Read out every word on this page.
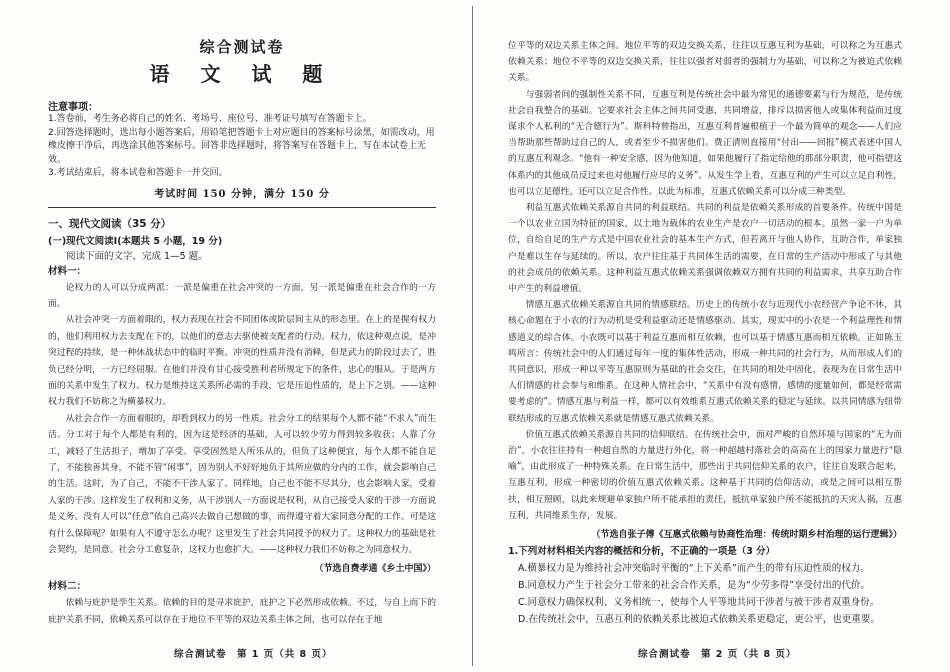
综合测试卷
语 文 试 题
注意事项：
1.答卷前，考生务必将自己的姓名、考场号、座位号、准考证号填写在答题卡上。
2.回答选择题时，选出每小题答案后，用铅笔把答题卡上对应题目的答案标号涂黑，如需改动，用橡皮擦干净后，再选涂其他答案标号。回答非选择题时，将答案写在答题卡上，写在本试卷上无效。
3.考试结束后，将本试卷和答题卡一并交回。
考试时间 150 分钟，满分 150 分
一、现代文阅读（35 分）
(一)现代文阅读Ⅰ(本题共 5 小题，19 分)
阅读下面的文字，完成 1—5 题。
材料一：

论权力的人可以分成两派：一派是偏重在社会冲突的一方面，另一派是偏重在社会合作的一方面。

从社会冲突一方面着眼的，权力表现在社会不同团体或阶层间主从的形态里。在上的是握有权力的，他们利用权力去支配在下的，以他们的意志去驱使被支配者的行动。权力，依这种观点说，是冲突过程的持续，是一种休战状态中的临时平衡。冲突的性质并没有消释，但是武力的阶段过去了，胜负已经分明，一方已经屈服。在他们并没有甘心接受胜利者所规定下的条件，忠心的服从。于是两方面的关系中发生了权力。权力是维持这关系所必需的手段，它是压迫性质的，是上下之别。——这种权力我们不妨称之为横暴权力。

从社会合作一方面着眼的，却看到权力的另一性质。社会分工的结果每个人都不能“不求人”而生活。分工对于每个人都是有利的，因为这是经济的基础，人可以较少劳力得到较多收获；人靠了分工，减轻了生活担子，增加了享受。享受固然是人所乐从的，但负了这种便宜，每个人都不能自足了，不能独善其身，不能不管“闲事”，因为别人不好好地负于其所应做的分内的工作，就会影响自己的生活。这时，为了自己，不能不干涉人家了。同样地，自己也不能不尽其分，也会影响人家，受着人家的干涉。这样发生了权利和义务，从干涉别人一方面说是权利，从自己接受人家的干涉一方面说是义务。没有人可以“任意”依自己高兴去做自己想做的事，而得遵守着大家同意分配的工作。可是这有什么保障呢？如果有人不遵守怎么办呢？这里发生了社会共同授予的权力了。这种权力的基础是社会契约，是同意。社会分工愈复杂，这权力也愈扩大。——这种权力我们不妨称之为同意权力。

（节选自费孝通《乡土中国》）
材料二：

依赖与庇护是孪生关系。依赖的目的是寻求庇护，庇护之下必然形成依赖。不过，与自上而下的庇护关系不同，依赖关系可以存在于地位不平等的双边关系主体之间，也可以存在于地

位平等的双边关系主体之间。地位平等的双边交换关系，往往以互惠互利为基础，可以称之为互惠式依赖关系；地位不平等的双边交换关系，往往以强者对弱者的强制力为基础，可以称之为被迫式依赖关系。

与强弱者间的强制性关系不同，互惠互利是传统社会中最为常见的通德要素与行为规范，是传统社会自我整合的基础。它要求社会主体之间共同受惠，共同增益，排斥以损害他人或集体利益而过度谋求个人私利的“无合德行为”。斯科特曾指出，互惠互利普遍根植于一个最为简单的观念——人们应当帮助那些帮助过自己的人，或者至少不损害他们。费正清则直接用“付出——回报”模式表述中国人的互惠互利观念。“他有一种安全感，因为他知道，如果他履行了指定给他的那部分职责，他可指望这体系内的其他成员反过来也对他履行应尽的义务”。从发生学上看，互惠互利的产生可以立足自利性，也可以立足德性，还可以立足合作性。以此为标准，互惠式依赖关系可以分成三种类型。

利益互惠式依赖关系源自共同的利益联结。共同的利益是依赖关系形成的首要条件。传统中国是一个以农业立国为特征的国家，以土地为载体的农业生产是农户一切活动的根本。虽然一家一户为单位，自给自足的生产方式是中国农业社会的基本生产方式，但若离开与他人协作，互助合作，单家独户是难以生存与延续的。所以，农户往往基于共同体生活的需要，在日常的生产活动中形成了与其他的社会成员的依赖关系。这种利益互惠式依赖关系强调依赖双方拥有共同的利益需求，共享互助合作中产生的利益增值。

情感互惠式依赖关系源自共同的情感联结。历史上的传统小农与近现代小农经营产争论不休，其核心命题在于小农的行为动机是受利益驱动还是情感驱动。其实，现实中的小农是一个利益理性和情感道义的综合体。小农既可以基于利益互惠而相互依赖，也可以基于情感互惠而相互依赖。正如陈玉鸣所言：传统社会中的人们通过每年一度的集体性活动，形成一种共同的社会行为，从而形成人们的共同意识，形成一种以平等互惠原则为基础的社会交往，在共同的相处中固化，表现为在日常生活中人们情感的社会参与和维系。在这种人情社会中，“关系中有没有感情，感情的度量如何，都是经常需要考虑的”。情感互惠与利益一样，都可以有效维系互惠式依赖关系的稳定与延续。以共同情感为纽带联结形成的互惠式依赖关系就是情感互惠式依赖关系。

价值互惠式依赖关系源自共同的信仰联结。在传统社会中，面对严峻的自然环境与国家的“无为而治”，小农往往持有一种超自然的力量进行外化，将一种超越村落社会的高高在上的国家力量进行“隐喻”，由此形成了一种特殊关系。在日常生活中，那些出于共同信仰关系的农户，往往自发联合起来，互惠互利，形成一种密切的价值互惠式依赖关系。这种基于共同的信仰活动，或是之间可以相互帮扶，相互照顾，以此来规避单家独户所不能承担的责任，抵抗单家独户所不能抵抗的天灾人祸，互惠互利，共同维系生存，发展。

（节选自张子傅《互惠式依赖与协商性治理：传统时期乡村治理的运行逻辑》）
1.下列对材料相关内容的概括和分析，不正确的一项是（3 分）
A.横暴权力是为维持社会冲突临时平衡的“上下关系”而产生的带有压迫性质的权力。
B.同意权力产生于社会分工带来的社会合作关系，是为“少劳多得”享受付出的代价。
C.同意权力确保权利、义务相统一，使每个人平等地共同干涉者与被干涉者双重身份。
D.在传统社会中，互惠互利的依赖关系比被迫式依赖关系更稳定，更公平，也更重要。
综合测试卷　第 1 页（共 8 页）	综合测试卷　第 2 页（共 8 页）
